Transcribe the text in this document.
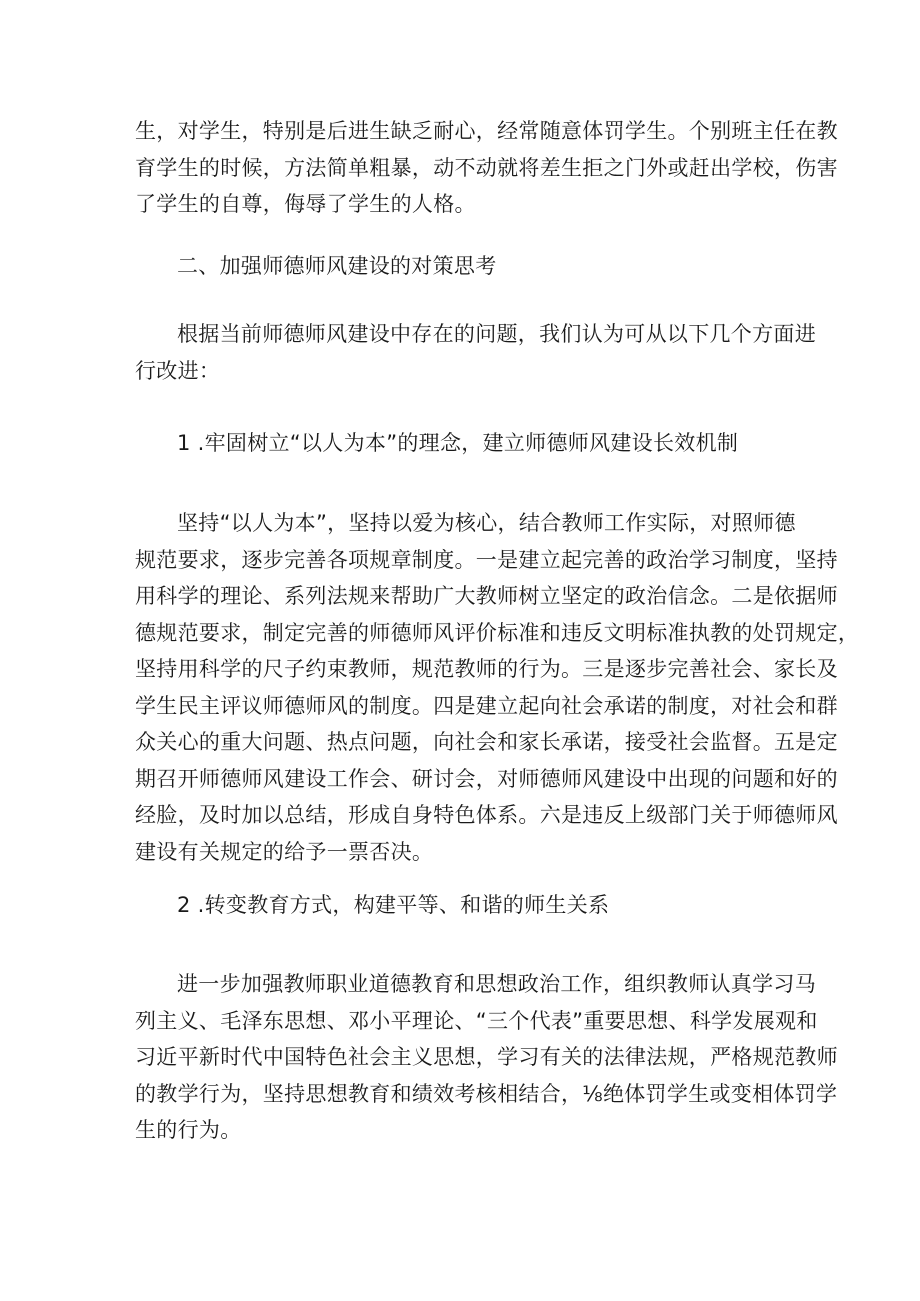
生，对学生，特别是后进生缺乏耐心，经常随意体罚学生。个别班主任在教
育学生的时候，方法简单粗暴，动不动就将差生拒之门外或赶出学校，伤害
了学生的自尊，侮辱了学生的人格。
二、加强师德师风建设的对策思考
根据当前师德师风建设中存在的问题，我们认为可从以下几个方面进
行改进：
1 .牢固树立“以人为本”的理念，建立师德师风建设长效机制
坚持“以人为本”，坚持以爱为核心，结合教师工作实际，对照师德
规范要求，逐步完善各项规章制度。一是建立起完善的政治学习制度，坚持
用科学的理论、系列法规来帮助广大教师树立坚定的政治信念。二是依据师
德规范要求，制定完善的师德师风评价标准和违反文明标准执教的处罚规定，
坚持用科学的尺子约束教师，规范教师的行为。三是逐步完善社会、家长及
学生民主评议师德师风的制度。四是建立起向社会承诺的制度，对社会和群
众关心的重大问题、热点问题，向社会和家长承诺，接受社会监督。五是定
期召开师德师风建设工作会、研讨会，对师德师风建设中出现的问题和好的
经脸，及时加以总结，形成自身特色体系。六是违反上级部门关于师德师风
建设有关规定的给予一票否决。
2 .转变教育方式，构建平等、和谐的师生关系
进一步加强教师职业道德教育和思想政治工作，组织教师认真学习马
列主义、毛泽东思想、邓小平理论、“三个代表”重要思想、科学发展观和
习近平新时代中国特色社会主义思想，学习有关的法律法规，严格规范教师
的教学行为，坚持思想教育和绩效考核相结合，⅛绝体罚学生或变相体罚学
生的行为。
